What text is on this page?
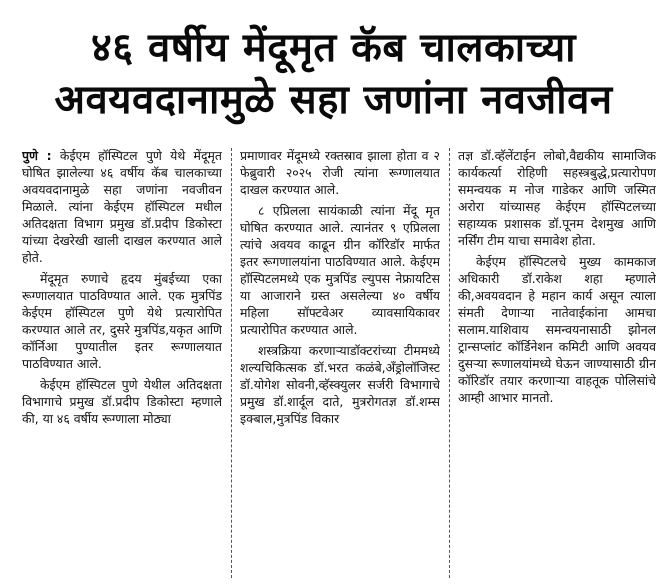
४६ वर्षीय मेंदूमृत कॅब चालकाच्या
अवयवदानामुळे सहा जणांना नवजीवन

पुणे : केईएम हॉस्पिटल पुणे येथे मेंदूमृत घोषित झालेल्या ४६ वर्षीय कॅब चालकाच्या अवयवदानामुळे सहा जणांना नवजीवन मिळाले. त्यांना केईएम हॉस्पिटल मधील अतिदक्षता विभाग प्रमुख डॉ.प्रदीप डिकोस्टा यांच्या देखरेखी खाली दाखल करण्यात आले होते.

मेंदूमृत रुणाचे हृदय मुंबईच्या एका रूग्णालयात पाठविण्यात आले. एक मुत्रपिंड केईएम हॉस्पिटल पुणे येथे प्रत्यारोपित करण्यात आले तर, दुसरे मुत्रपिंड,यकृत आणि कॉर्निआ पुण्यातील इतर रूग्णालयात पाठविण्यात आले.

केईएम हॉस्पिटल पुणे येथील अतिदक्षता विभागाचे प्रमुख डॉ.प्रदीप डिकोस्टा म्हणाले की, या ४६ वर्षीय रूग्णाला मोठ्या

प्रमाणावर मेंदूमध्ये रक्तस्राव झाला होता व २ फेब्रुवारी २०२५ रोजी त्यांना रूग्णालयात दाखल करण्यात आले.

८ एप्रिलला सायंकाळी त्यांना मेंदू मृत घोषित करण्यात आले. त्यानंतर ९ एप्रिलला त्यांचे अवयव काढून ग्रीन कॉरिडॉर मार्फत इतर रूगणालयांना पाठविण्यात आले. केईएम हॉस्पिटलमध्ये एक मुत्रपिंड ल्युपस नेफ्रायटिस या आजाराने ग्रस्त असलेल्या ४० वर्षीय महिला सॉफ्टवेअर व्यावसायिकावर प्रत्यारोपित करण्यात आले.

शस्त्रक्रिया करणाऱ्याडॉक्टरांच्या टीममध्ये शल्यचिकित्सक डॉ.भरत कळंबे,अँड्रोलॉजिस्ट डॉ.योगेश सोवनी,व्हॅस्क्युलर सर्जरी विभागाचे प्रमुख डॉ.शार्दूल दाते, मुत्ररोगतज्ञ डॉ.शम्स इक्बाल,मुत्रपिंड विकार

तज्ञ डॉ.व्हॅलेंटाईन लोबो,वैद्यकीय सामाजिक कार्यकर्त्या रोहिणी सहस्त्रबुद्धे,प्रत्यारोपण समन्वयक म नोज गाडेकर आणि जस्मित अरोरा यांच्यासह केईएम हॉस्पिटलच्या सहाय्यक प्रशासक डॉ.पूनम देशमुख आणि नर्सिंग टीम याचा समावेश होता.

केईएम हॉस्पिटलचे मुख्य कामकाज अधिकारी डॉ.राकेश शहा म्हणाले की,अवयवदान हे महान कार्य असून त्याला संमती देणाऱ्या नातेवाईकांना आमचा सलाम.याशिवाय समन्वयनासाठी झोनल ट्रान्सप्लांट कॉर्डिनेशन कमिटी आणि अवयव दुसऱ्या रूणालयांमध्ये घेऊन जाण्यासाठी ग्रीन कॉरिडॉर तयार करणाऱ्या वाहतूक पोलिसांचे आम्ही आभार मानतो.
